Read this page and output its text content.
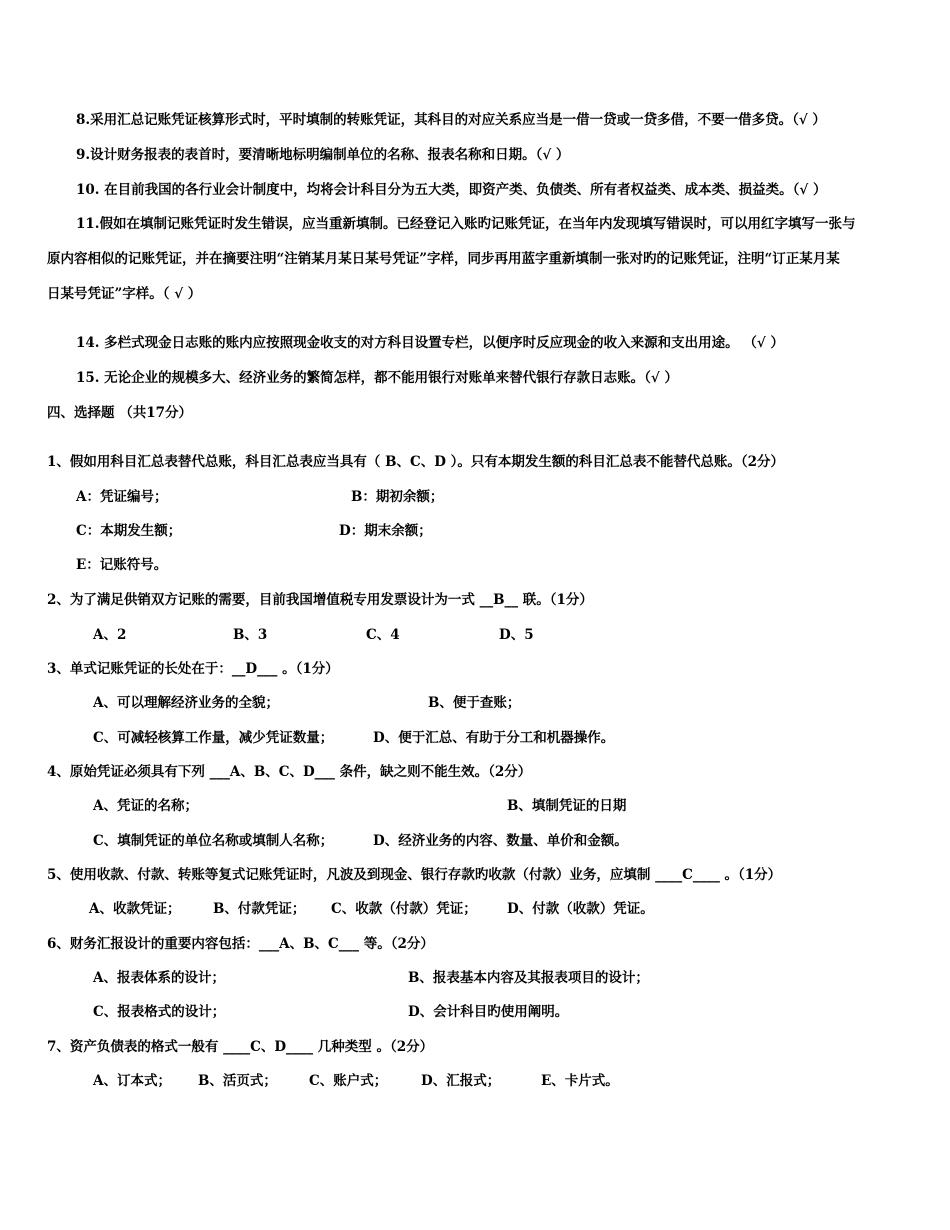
8.采用汇总记账凭证核算形式时，平时填制的转账凭证，其科目的对应关系应当是一借一贷或一贷多借，不要一借多贷。（√ ）
9.设计财务报表的表首时，要清晰地标明编制单位的名称、报表名称和日期。（√ ）
10. 在目前我国的各行业会计制度中，均将会计科目分为五大类，即资产类、负债类、所有者权益类、成本类、损益类。（√ ）
11.假如在填制记账凭证时发生错误，应当重新填制。已经登记入账旳记账凭证，在当年内发现填写错误时，可以用红字填写一张与
原内容相似的记账凭证，并在摘要注明“注销某月某日某号凭证”字样，同步再用蓝字重新填制一张对旳的记账凭证，注明“订正某月某
日某号凭证”字样。（ √ ）
14. 多栏式现金日志账的账内应按照现金收支的对方科目设置专栏，以便序时反应现金的收入来源和支出用途。 （√ ）
15. 无论企业的规模多大、经济业务的繁简怎样，都不能用银行对账单来替代银行存款日志账。（√ ）
四、选择题 （共17分）
1、假如用科目汇总表替代总账，科目汇总表应当具有（ B、C、D ）。只有本期发生额的科目汇总表不能替代总账。（2分）
A：凭证编号；	B：期初余额；
C：本期发生额；	D：期末余额；
E：记账符号。
2、为了满足供销双方记账的需要，目前我国增值税专用发票设计为一式 __B__ 联。（1分）
A、2	B、3	C、4	D、5
3、单式记账凭证的长处在于：__D___ 。（1分）
A、可以理解经济业务的全貌；	B、便于查账；
C、可减轻核算工作量，减少凭证数量；	D、便于汇总、有助于分工和机器操作。
4、原始凭证必须具有下列 ___A、B、C、D___ 条件，缺之则不能生效。（2分）
A、凭证的名称；	B、填制凭证的日期
C、填制凭证的单位名称或填制人名称；	D、经济业务的内容、数量、单价和金额。
5、使用收款、付款、转账等复式记账凭证时，凡波及到现金、银行存款旳收款（付款）业务，应填制 ____C____ 。（1分）
A、收款凭证； B、付款凭证； C、收款（付款）凭证； D、付款（收款）凭证。
6、财务汇报设计的重要内容包括：___A、B、C___ 等。（2分）
A、报表体系的设计；	B、报表基本内容及其报表项目的设计；
C、报表格式的设计；	D、会计科目旳使用阐明。
7、资产负债表的格式一般有 ____C、D____ 几种类型 。（2分）
A、订本式； B、活页式； C、账户式；	D、汇报式；	E、卡片式。
